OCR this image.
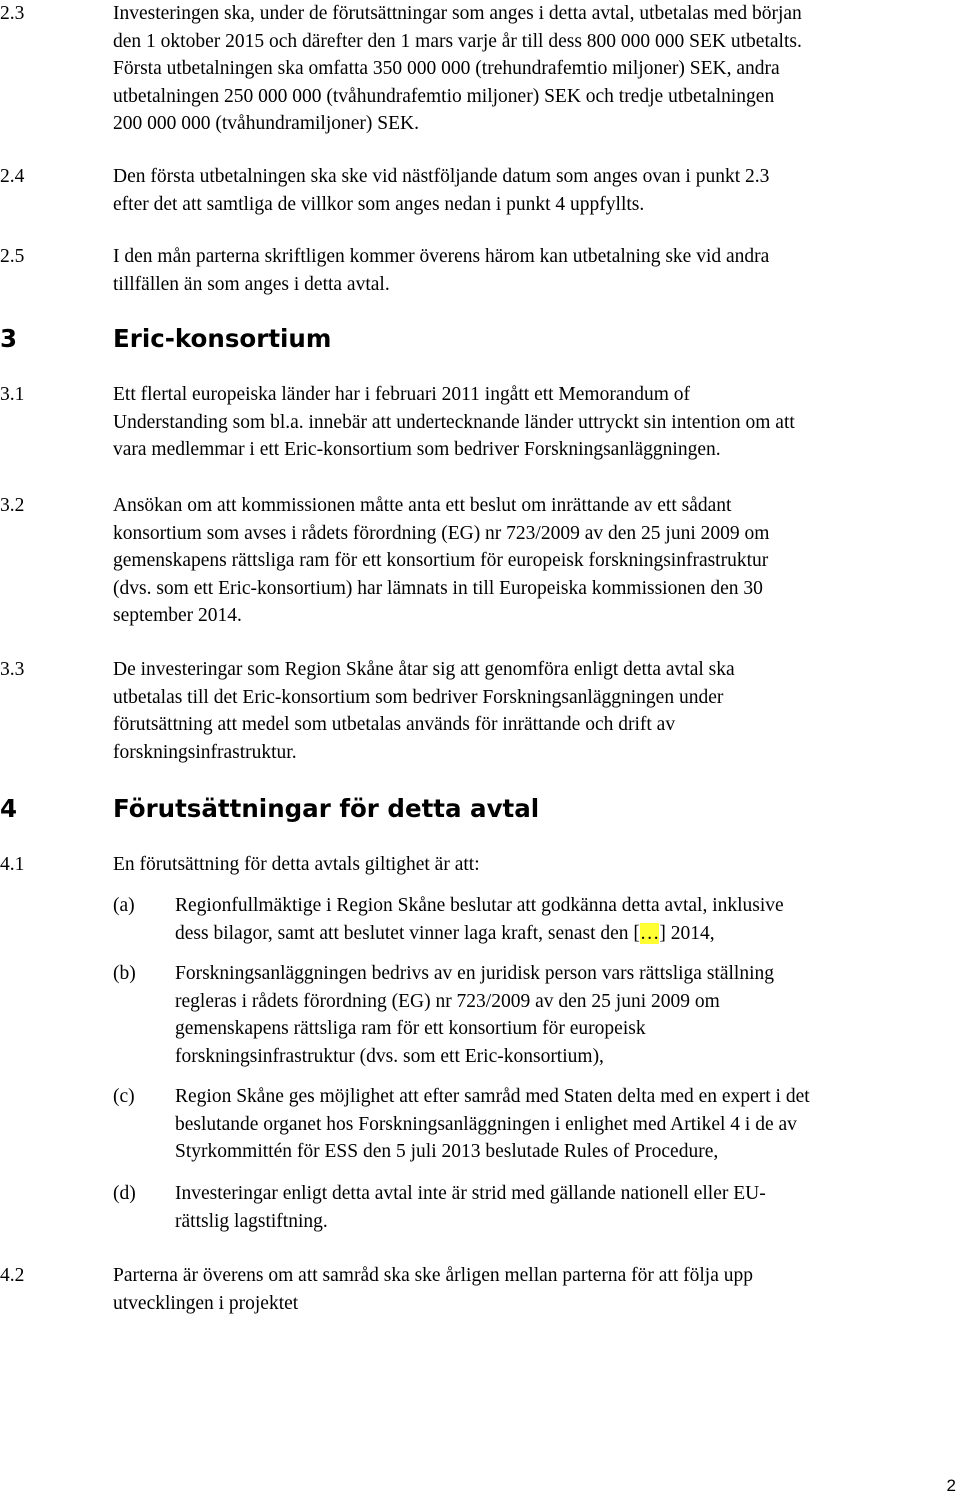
2.3	Investeringen ska, under de förutsättningar som anges i detta avtal, utbetalas med början
den 1 oktober 2015 och därefter den 1 mars varje år till dess 800 000 000 SEK utbetalts.
Första utbetalningen ska omfatta 350 000 000 (trehundrafemtio miljoner) SEK, andra
utbetalningen 250 000 000 (tvåhundrafemtio miljoner) SEK och tredje utbetalningen
200 000 000 (tvåhundramiljoner) SEK.
2.4	Den första utbetalningen ska ske vid nästföljande datum som anges ovan i punkt 2.3
efter det att samtliga de villkor som anges nedan i punkt 4 uppfyllts.
2.5	I den mån parterna skriftligen kommer överens härom kan utbetalning ske vid andra
tillfällen än som anges i detta avtal.
3	Eric-konsortium
3.1	Ett flertal europeiska länder har i februari 2011 ingått ett Memorandum of
Understanding som bl.a. innebär att undertecknande länder uttryckt sin intention om att
vara medlemmar i ett Eric-konsortium som bedriver Forskningsanläggningen.
3.2	Ansökan om att kommissionen måtte anta ett beslut om inrättande av ett sådant
konsortium som avses i rådets förordning (EG) nr 723/2009 av den 25 juni 2009 om
gemenskapens rättsliga ram för ett konsortium för europeisk forskningsinfrastruktur
(dvs. som ett Eric-konsortium) har lämnats in till Europeiska kommissionen den 30
september 2014.
3.3	De investeringar som Region Skåne åtar sig att genomföra enligt detta avtal ska
utbetalas till det Eric-konsortium som bedriver Forskningsanläggningen under
förutsättning att medel som utbetalas används för inrättande och drift av
forskningsinfrastruktur.
4	Förutsättningar för detta avtal
4.1	En förutsättning för detta avtals giltighet är att:
(a) Regionfullmäktige i Region Skåne beslutar att godkänna detta avtal, inklusive
dess bilagor, samt att beslutet vinner laga kraft, senast den […] 2014,
(b) Forskningsanläggningen bedrivs av en juridisk person vars rättsliga ställning
regleras i rådets förordning (EG) nr 723/2009 av den 25 juni 2009 om
gemenskapens rättsliga ram för ett konsortium för europeisk
forskningsinfrastruktur (dvs. som ett Eric-konsortium),
(c) Region Skåne ges möjlighet att efter samråd med Staten delta med en expert i det
beslutande organet hos Forskningsanläggningen i enlighet med Artikel 4 i de av
Styrkommittén för ESS den 5 juli 2013 beslutade Rules of Procedure,
(d) Investeringar enligt detta avtal inte är strid med gällande nationell eller EU-
rättslig lagstiftning.
4.2	Parterna är överens om att samråd ska ske årligen mellan parterna för att följa upp
utvecklingen i projektet
2
